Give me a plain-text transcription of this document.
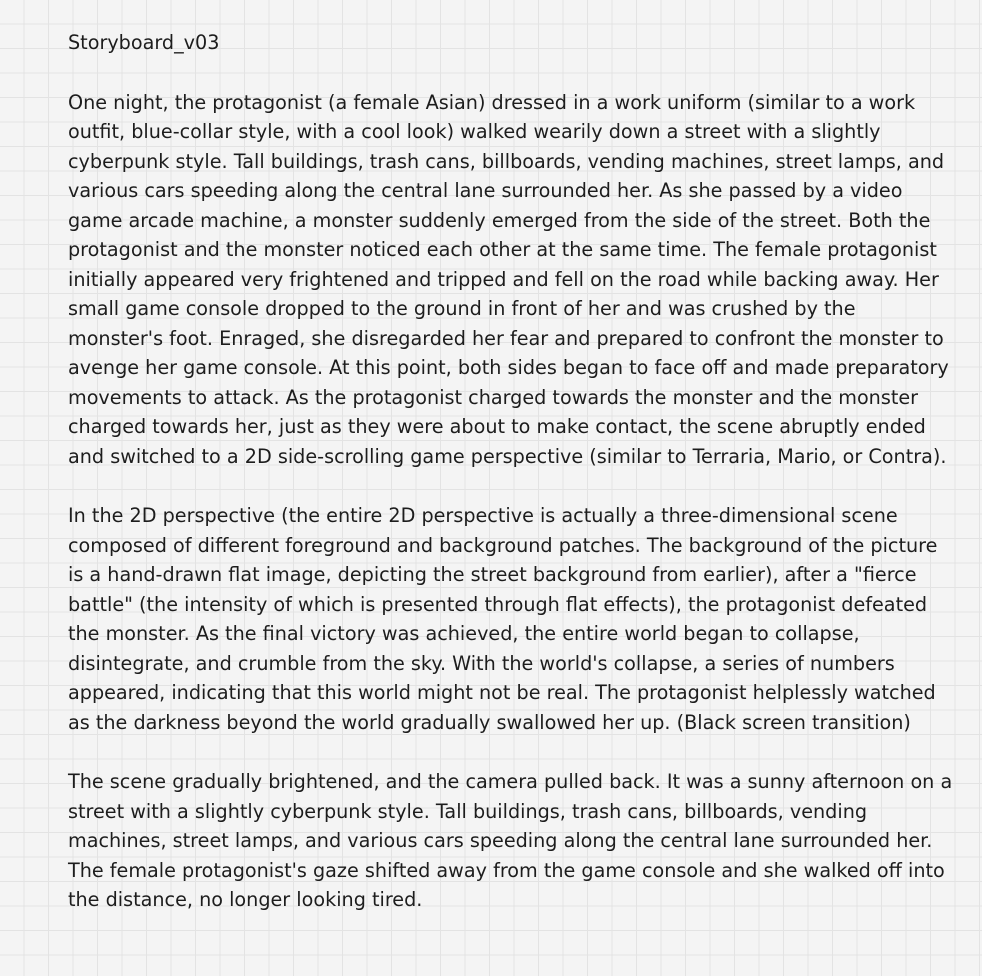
Storyboard_v03

One night, the protagonist (a female Asian) dressed in a work uniform (similar to a work
outfit, blue-collar style, with a cool look) walked wearily down a street with a slightly
cyberpunk style. Tall buildings, trash cans, billboards, vending machines, street lamps, and
various cars speeding along the central lane surrounded her. As she passed by a video
game arcade machine, a monster suddenly emerged from the side of the street. Both the
protagonist and the monster noticed each other at the same time. The female protagonist
initially appeared very frightened and tripped and fell on the road while backing away. Her
small game console dropped to the ground in front of her and was crushed by the
monster's foot. Enraged, she disregarded her fear and prepared to confront the monster to
avenge her game console. At this point, both sides began to face off and made preparatory
movements to attack. As the protagonist charged towards the monster and the monster
charged towards her, just as they were about to make contact, the scene abruptly ended
and switched to a 2D side-scrolling game perspective (similar to Terraria, Mario, or Contra).

In the 2D perspective (the entire 2D perspective is actually a three-dimensional scene
composed of different foreground and background patches. The background of the picture
is a hand-drawn flat image, depicting the street background from earlier), after a "fierce
battle" (the intensity of which is presented through flat effects), the protagonist defeated
the monster. As the final victory was achieved, the entire world began to collapse,
disintegrate, and crumble from the sky. With the world's collapse, a series of numbers
appeared, indicating that this world might not be real. The protagonist helplessly watched
as the darkness beyond the world gradually swallowed her up. (Black screen transition)

The scene gradually brightened, and the camera pulled back. It was a sunny afternoon on a
street with a slightly cyberpunk style. Tall buildings, trash cans, billboards, vending
machines, street lamps, and various cars speeding along the central lane surrounded her.
The female protagonist's gaze shifted away from the game console and she walked off into
the distance, no longer looking tired.
